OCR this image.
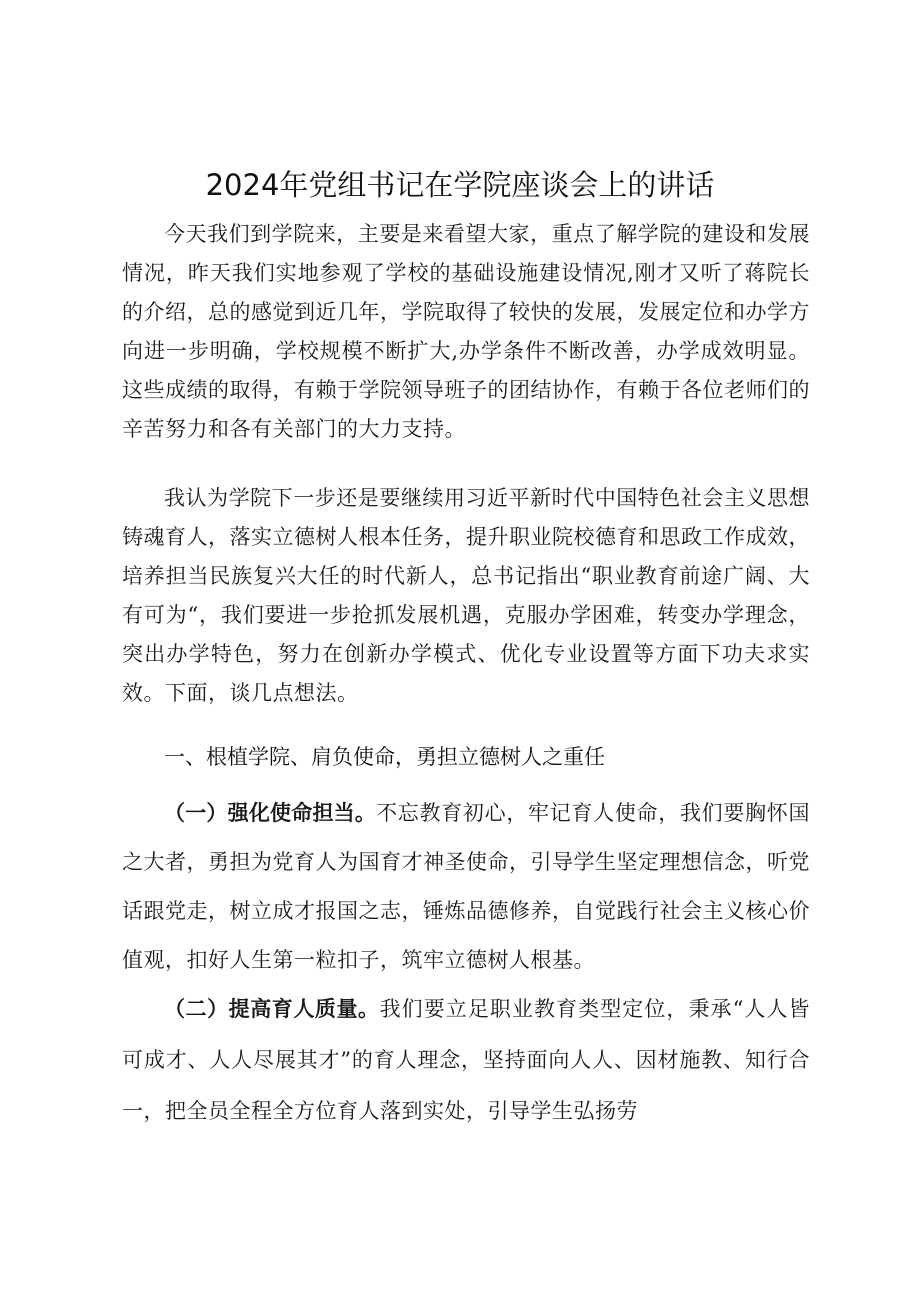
2024年党组书记在学院座谈会上的讲话

今天我们到学院来，主要是来看望大家，重点了解学院的建设和发展情况，昨天我们实地参观了学校的基础设施建设情况,刚才又听了蒋院长的介绍，总的感觉到近几年，学院取得了较快的发展，发展定位和办学方向进一步明确，学校规模不断扩大,办学条件不断改善，办学成效明显。这些成绩的取得，有赖于学院领导班子的团结协作，有赖于各位老师们的辛苦努力和各有关部门的大力支持。

我认为学院下一步还是要继续用习近平新时代中国特色社会主义思想铸魂育人，落实立德树人根本任务，提升职业院校德育和思政工作成效，培养担当民族复兴大任的时代新人，总书记指出“职业教育前途广阔、大有可为“，我们要进一步抢抓发展机遇，克服办学困难，转变办学理念，突出办学特色，努力在创新办学模式、优化专业设置等方面下功夫求实效。下面，谈几点想法。

一、根植学院、肩负使命，勇担立德树人之重任

（一）强化使命担当。不忘教育初心，牢记育人使命，我们要胸怀国之大者，勇担为党育人为国育才神圣使命，引导学生坚定理想信念，听党话跟党走，树立成才报国之志，锤炼品德修养，自觉践行社会主义核心价值观，扣好人生第一粒扣子，筑牢立德树人根基。

（二）提高育人质量。我们要立足职业教育类型定位，秉承“人人皆可成才、人人尽展其才”的育人理念，坚持面向人人、因材施教、知行合一，把全员全程全方位育人落到实处，引导学生弘扬劳
